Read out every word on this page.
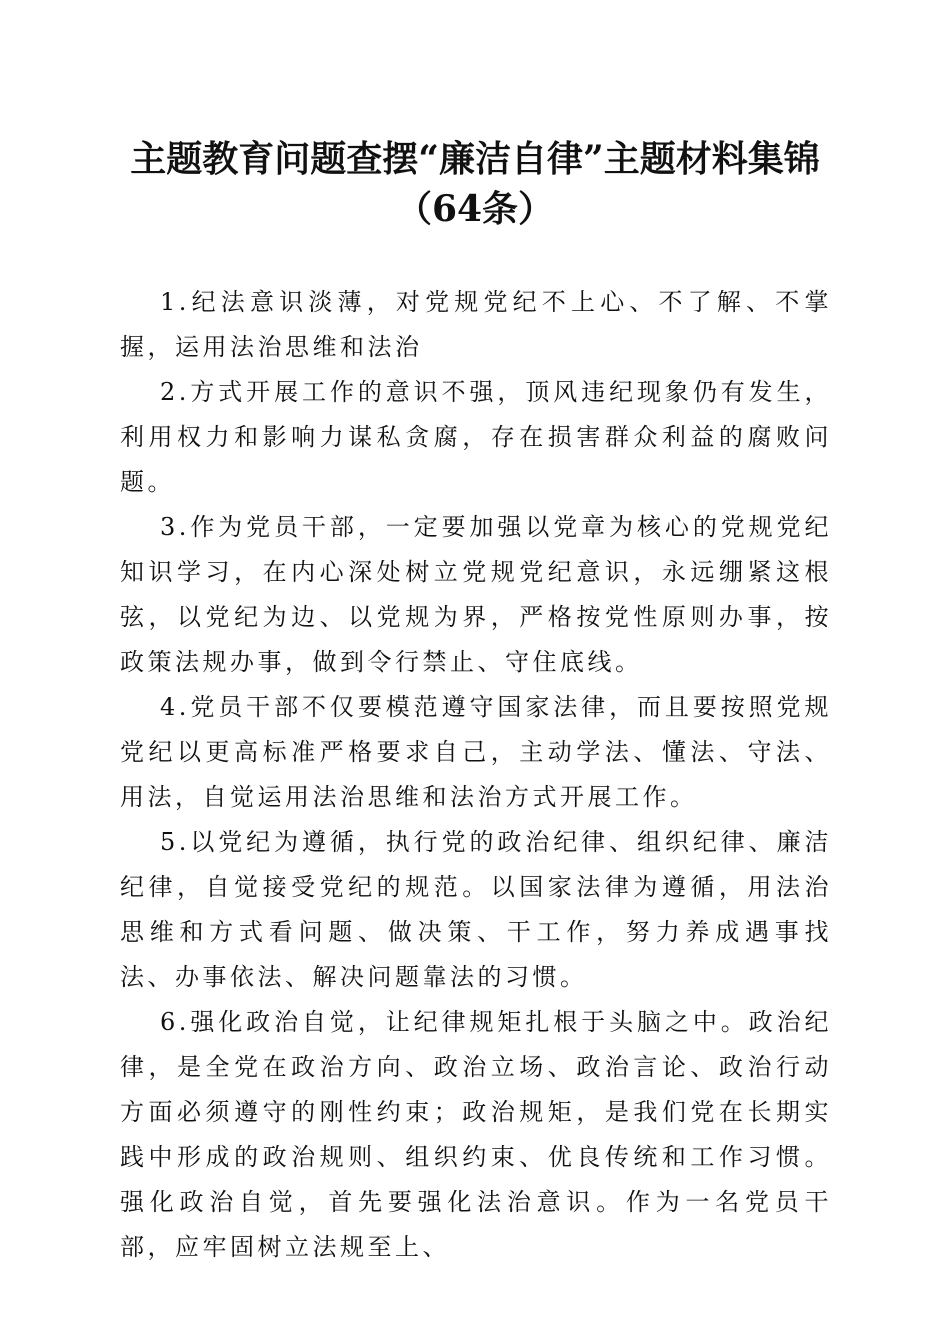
主题教育问题查摆“廉洁自律”主题材料集锦
（64条）

1.纪法意识淡薄，对党规党纪不上心、不了解、不掌握，运用法治思维和法治

2.方式开展工作的意识不强，顶风违纪现象仍有发生，利用权力和影响力谋私贪腐，存在损害群众利益的腐败问题。

3.作为党员干部，一定要加强以党章为核心的党规党纪知识学习，在内心深处树立党规党纪意识，永远绷紧这根弦，以党纪为边、以党规为界，严格按党性原则办事，按政策法规办事，做到令行禁止、守住底线。

4.党员干部不仅要模范遵守国家法律，而且要按照党规党纪以更高标准严格要求自己，主动学法、懂法、守法、用法，自觉运用法治思维和法治方式开展工作。

5.以党纪为遵循，执行党的政治纪律、组织纪律、廉洁纪律，自觉接受党纪的规范。以国家法律为遵循，用法治思维和方式看问题、做决策、干工作，努力养成遇事找法、办事依法、解决问题靠法的习惯。

6.强化政治自觉，让纪律规矩扎根于头脑之中。政治纪律，是全党在政治方向、政治立场、政治言论、政治行动方面必须遵守的刚性约束；政治规矩，是我们党在长期实践中形成的政治规则、组织约束、优良传统和工作习惯。强化政治自觉，首先要强化法治意识。作为一名党员干部，应牢固树立法规至上、
